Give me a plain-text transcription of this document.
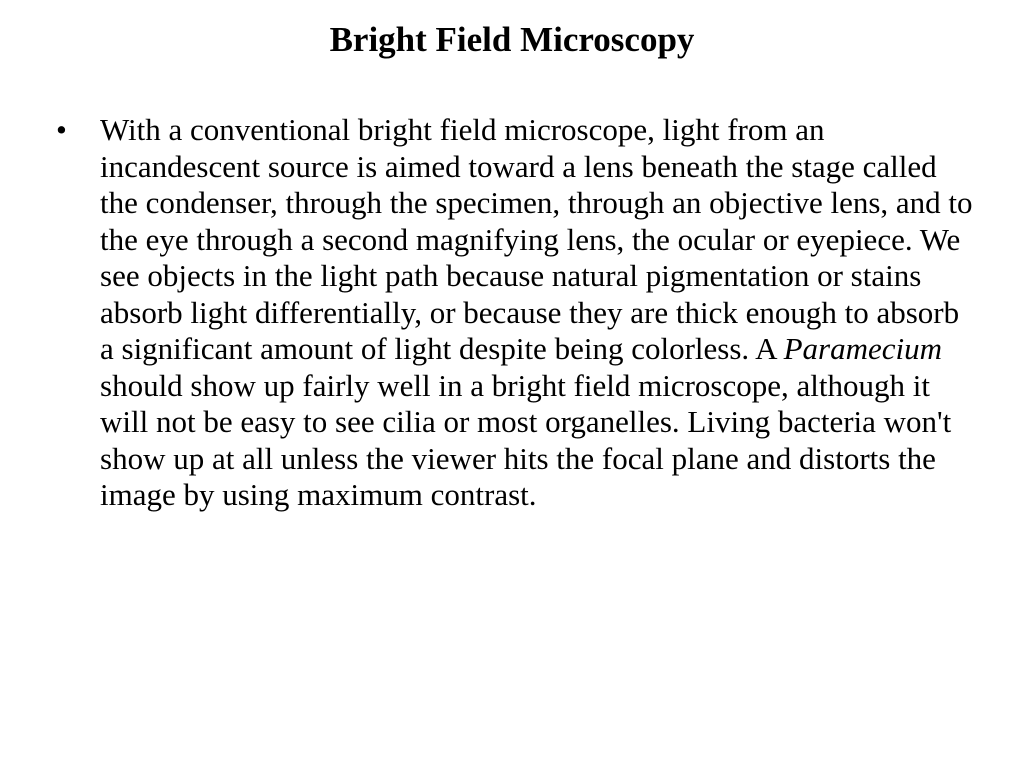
Bright Field Microscopy
•	With a conventional bright field microscope, light from an incandescent source is aimed toward a lens beneath the stage called the condenser, through the specimen, through an objective lens, and to the eye through a second magnifying lens, the ocular or eyepiece. We see objects in the light path because natural pigmentation or stains absorb light differentially, or because they are thick enough to absorb a significant amount of light despite being colorless. A Paramecium should show up fairly well in a bright field microscope, although it will not be easy to see cilia or most organelles. Living bacteria won't show up at all unless the viewer hits the focal plane and distorts the image by using maximum contrast.
